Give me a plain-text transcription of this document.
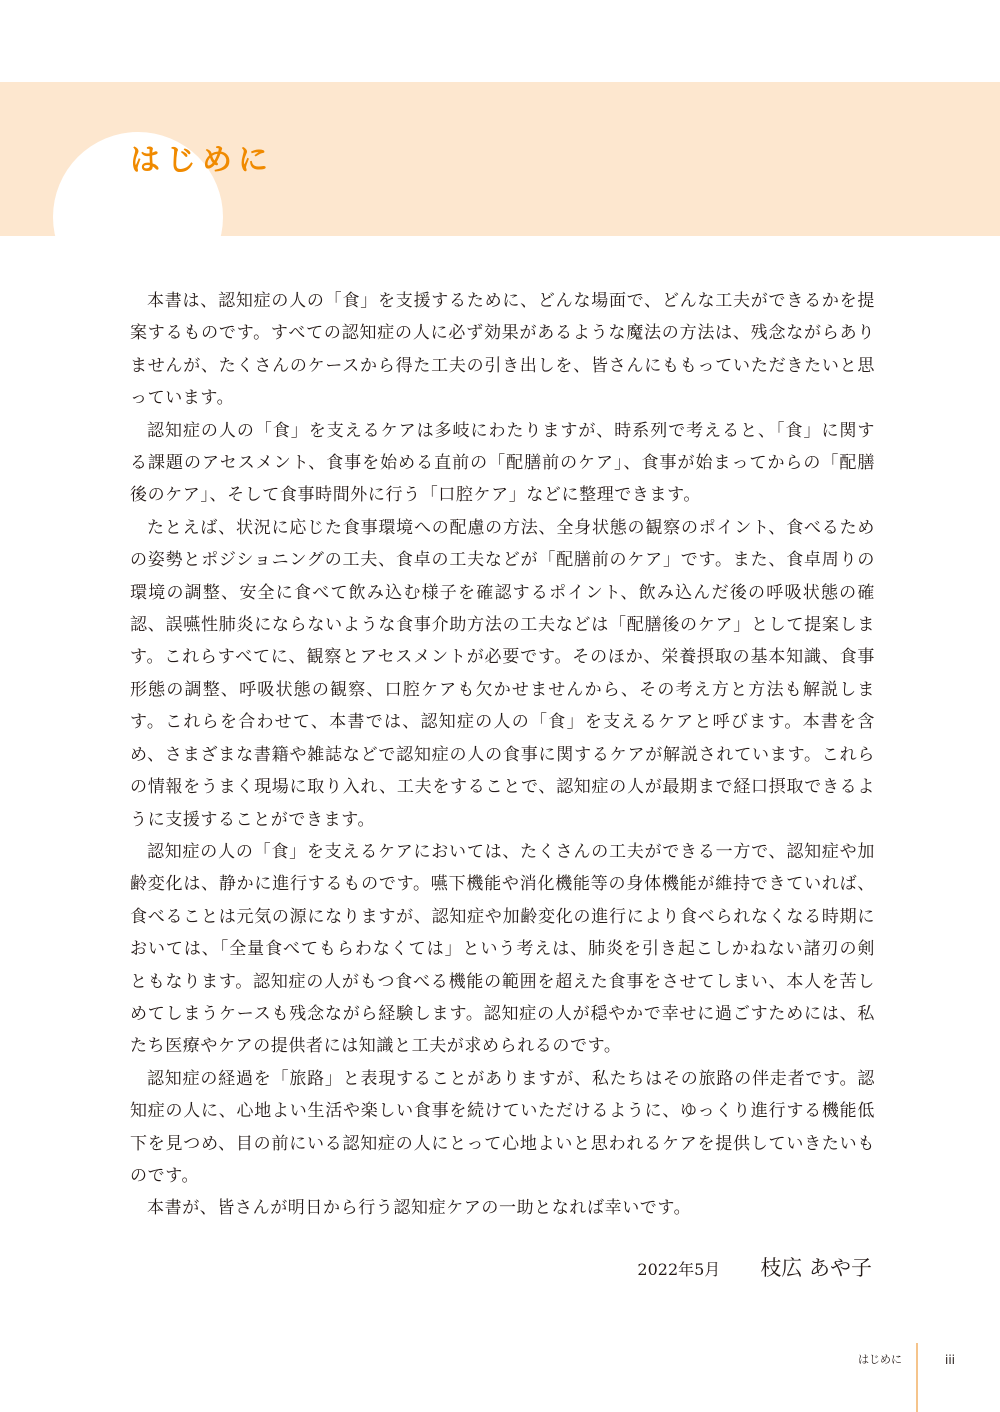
はじめに

本書は、認知症の人の「食」を支援するために、どんな場面で、どんな工夫ができるかを提案するものです。すべての認知症の人に必ず効果があるような魔法の方法は、残念ながらありませんが、たくさんのケースから得た工夫の引き出しを、皆さんにももっていただきたいと思っています。

認知症の人の「食」を支えるケアは多岐にわたりますが、時系列で考えると、「食」に関する課題のアセスメント、食事を始める直前の「配膳前のケア」、食事が始まってからの「配膳後のケア」、そして食事時間外に行う「口腔ケア」などに整理できます。

たとえば、状況に応じた食事環境への配慮の方法、全身状態の観察のポイント、食べるための姿勢とポジショニングの工夫、食卓の工夫などが「配膳前のケア」です。また、食卓周りの環境の調整、安全に食べて飲み込む様子を確認するポイント、飲み込んだ後の呼吸状態の確認、誤嚥性肺炎にならないような食事介助方法の工夫などは「配膳後のケア」として提案します。これらすべてに、観察とアセスメントが必要です。そのほか、栄養摂取の基本知識、食事形態の調整、呼吸状態の観察、口腔ケアも欠かせませんから、その考え方と方法も解説します。これらを合わせて、本書では、認知症の人の「食」を支えるケアと呼びます。本書を含め、さまざまな書籍や雑誌などで認知症の人の食事に関するケアが解説されています。これらの情報をうまく現場に取り入れ、工夫をすることで、認知症の人が最期まで経口摂取できるように支援することができます。

認知症の人の「食」を支えるケアにおいては、たくさんの工夫ができる一方で、認知症や加齢変化は、静かに進行するものです。嚥下機能や消化機能等の身体機能が維持できていれば、食べることは元気の源になりますが、認知症や加齢変化の進行により食べられなくなる時期においては、「全量食べてもらわなくては」という考えは、肺炎を引き起こしかねない諸刃の剣ともなります。認知症の人がもつ食べる機能の範囲を超えた食事をさせてしまい、本人を苦しめてしまうケースも残念ながら経験します。認知症の人が穏やかで幸せに過ごすためには、私たち医療やケアの提供者には知識と工夫が求められるのです。

認知症の経過を「旅路」と表現することがありますが、私たちはその旅路の伴走者です。認知症の人に、心地よい生活や楽しい食事を続けていただけるように、ゆっくり進行する機能低下を見つめ、目の前にいる認知症の人にとって心地よいと思われるケアを提供していきたいものです。

本書が、皆さんが明日から行う認知症ケアの一助となれば幸いです。

2022年5月 枝広 あや子
はじめに	iii
